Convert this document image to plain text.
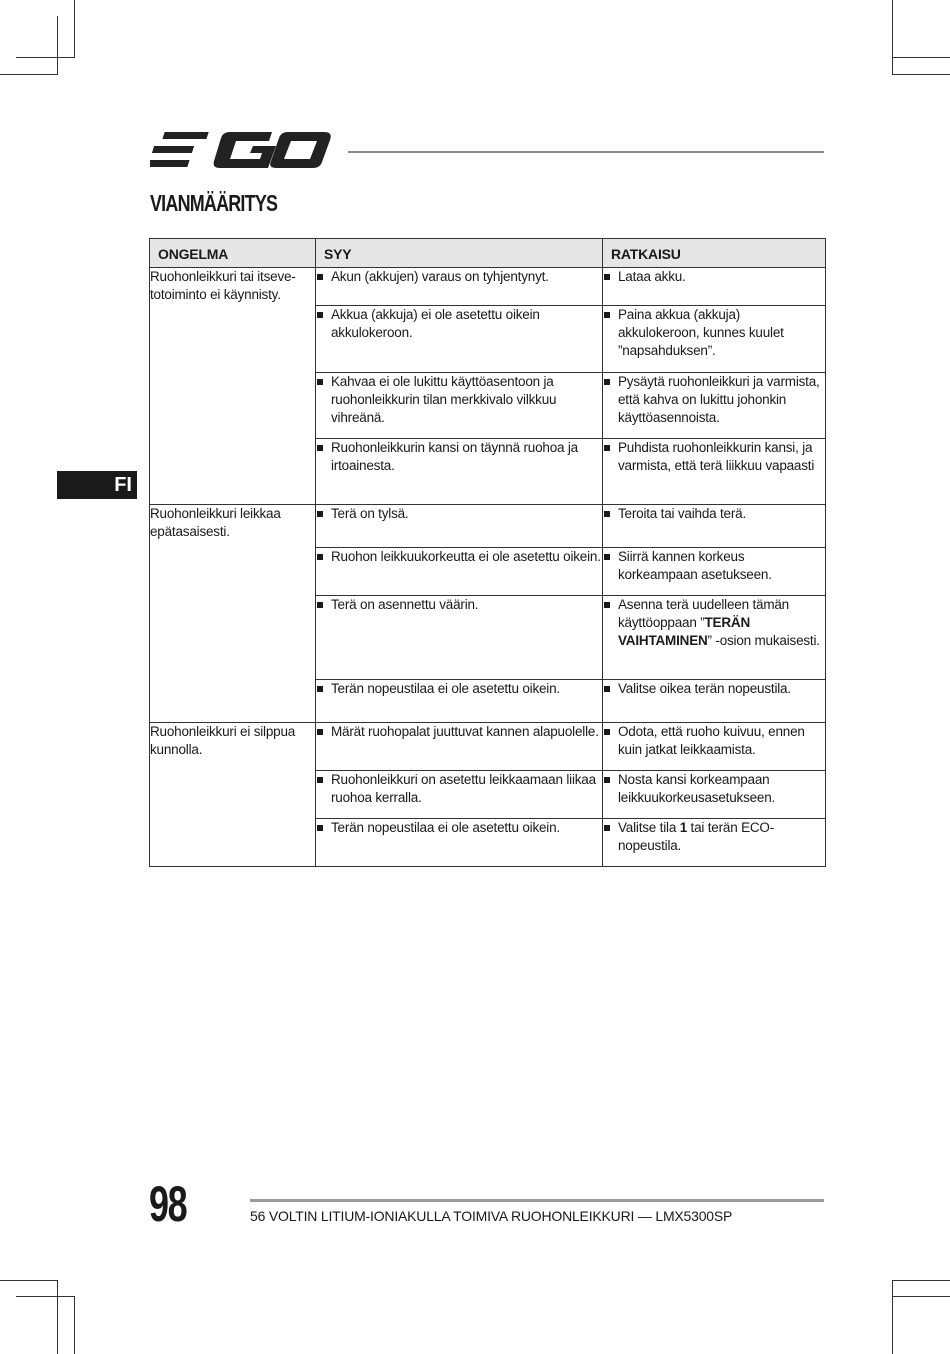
VIANMÄÄRITYS
FI
ONGELMA	SYY	RATKAISU
Ruohonleikkuri tai itseve-totoiminto ei käynnisty.	Akun (akkujen) varaus on tyhjentynyt.	Lataa akku.

	Akkua (akkuja) ei ole asetettu oikein akkulokeroon.	Paina akkua (akkuja) akkulokeroon, kunnes kuulet ”napsahduksen”.

	Kahvaa ei ole lukittu käyttöasentoon ja ruohonleikkurin tilan merkkivalo vilkkuu vihreänä.	Pysäytä ruohonleikkuri ja varmista, että kahva on lukittu johonkin käyttöasennoista.

	Ruohonleikkurin kansi on täynnä ruohoa ja irtoainesta.	Puhdista ruohonleikkurin kansi, ja varmista, että terä liikkuu vapaasti

Ruohonleikkuri leikkaa epätasaisesti.	Terä on tylsä.	Teroita tai vaihda terä.

	Ruohon leikkuukorkeutta ei ole asetettu oikein.	Siirrä kannen korkeus korkeampaan asetukseen.

	Terä on asennettu väärin.	Asenna terä uudelleen tämän käyttöoppaan ”TERÄN VAIHTAMINEN” -osion mukaisesti.

	Terän nopeustilaa ei ole asetettu oikein.	Valitse oikea terän nopeustila.

Ruohonleikkuri ei silppua kunnolla.	Märät ruohopalat juuttuvat kannen alapuolelle.	Odota, että ruoho kuivuu, ennen kuin jatkat leikkaamista.

	Ruohonleikkuri on asetettu leikkaamaan liikaa ruohoa kerralla.	Nosta kansi korkeampaan leikkuukorkeusasetukseen.

	Terän nopeustilaa ei ole asetettu oikein.	Valitse tila 1 tai terän ECO-nopeustila.
98	56 VOLTIN LITIUM-IONIAKULLA TOIMIVA RUOHONLEIKKURI — LMX5300SP
